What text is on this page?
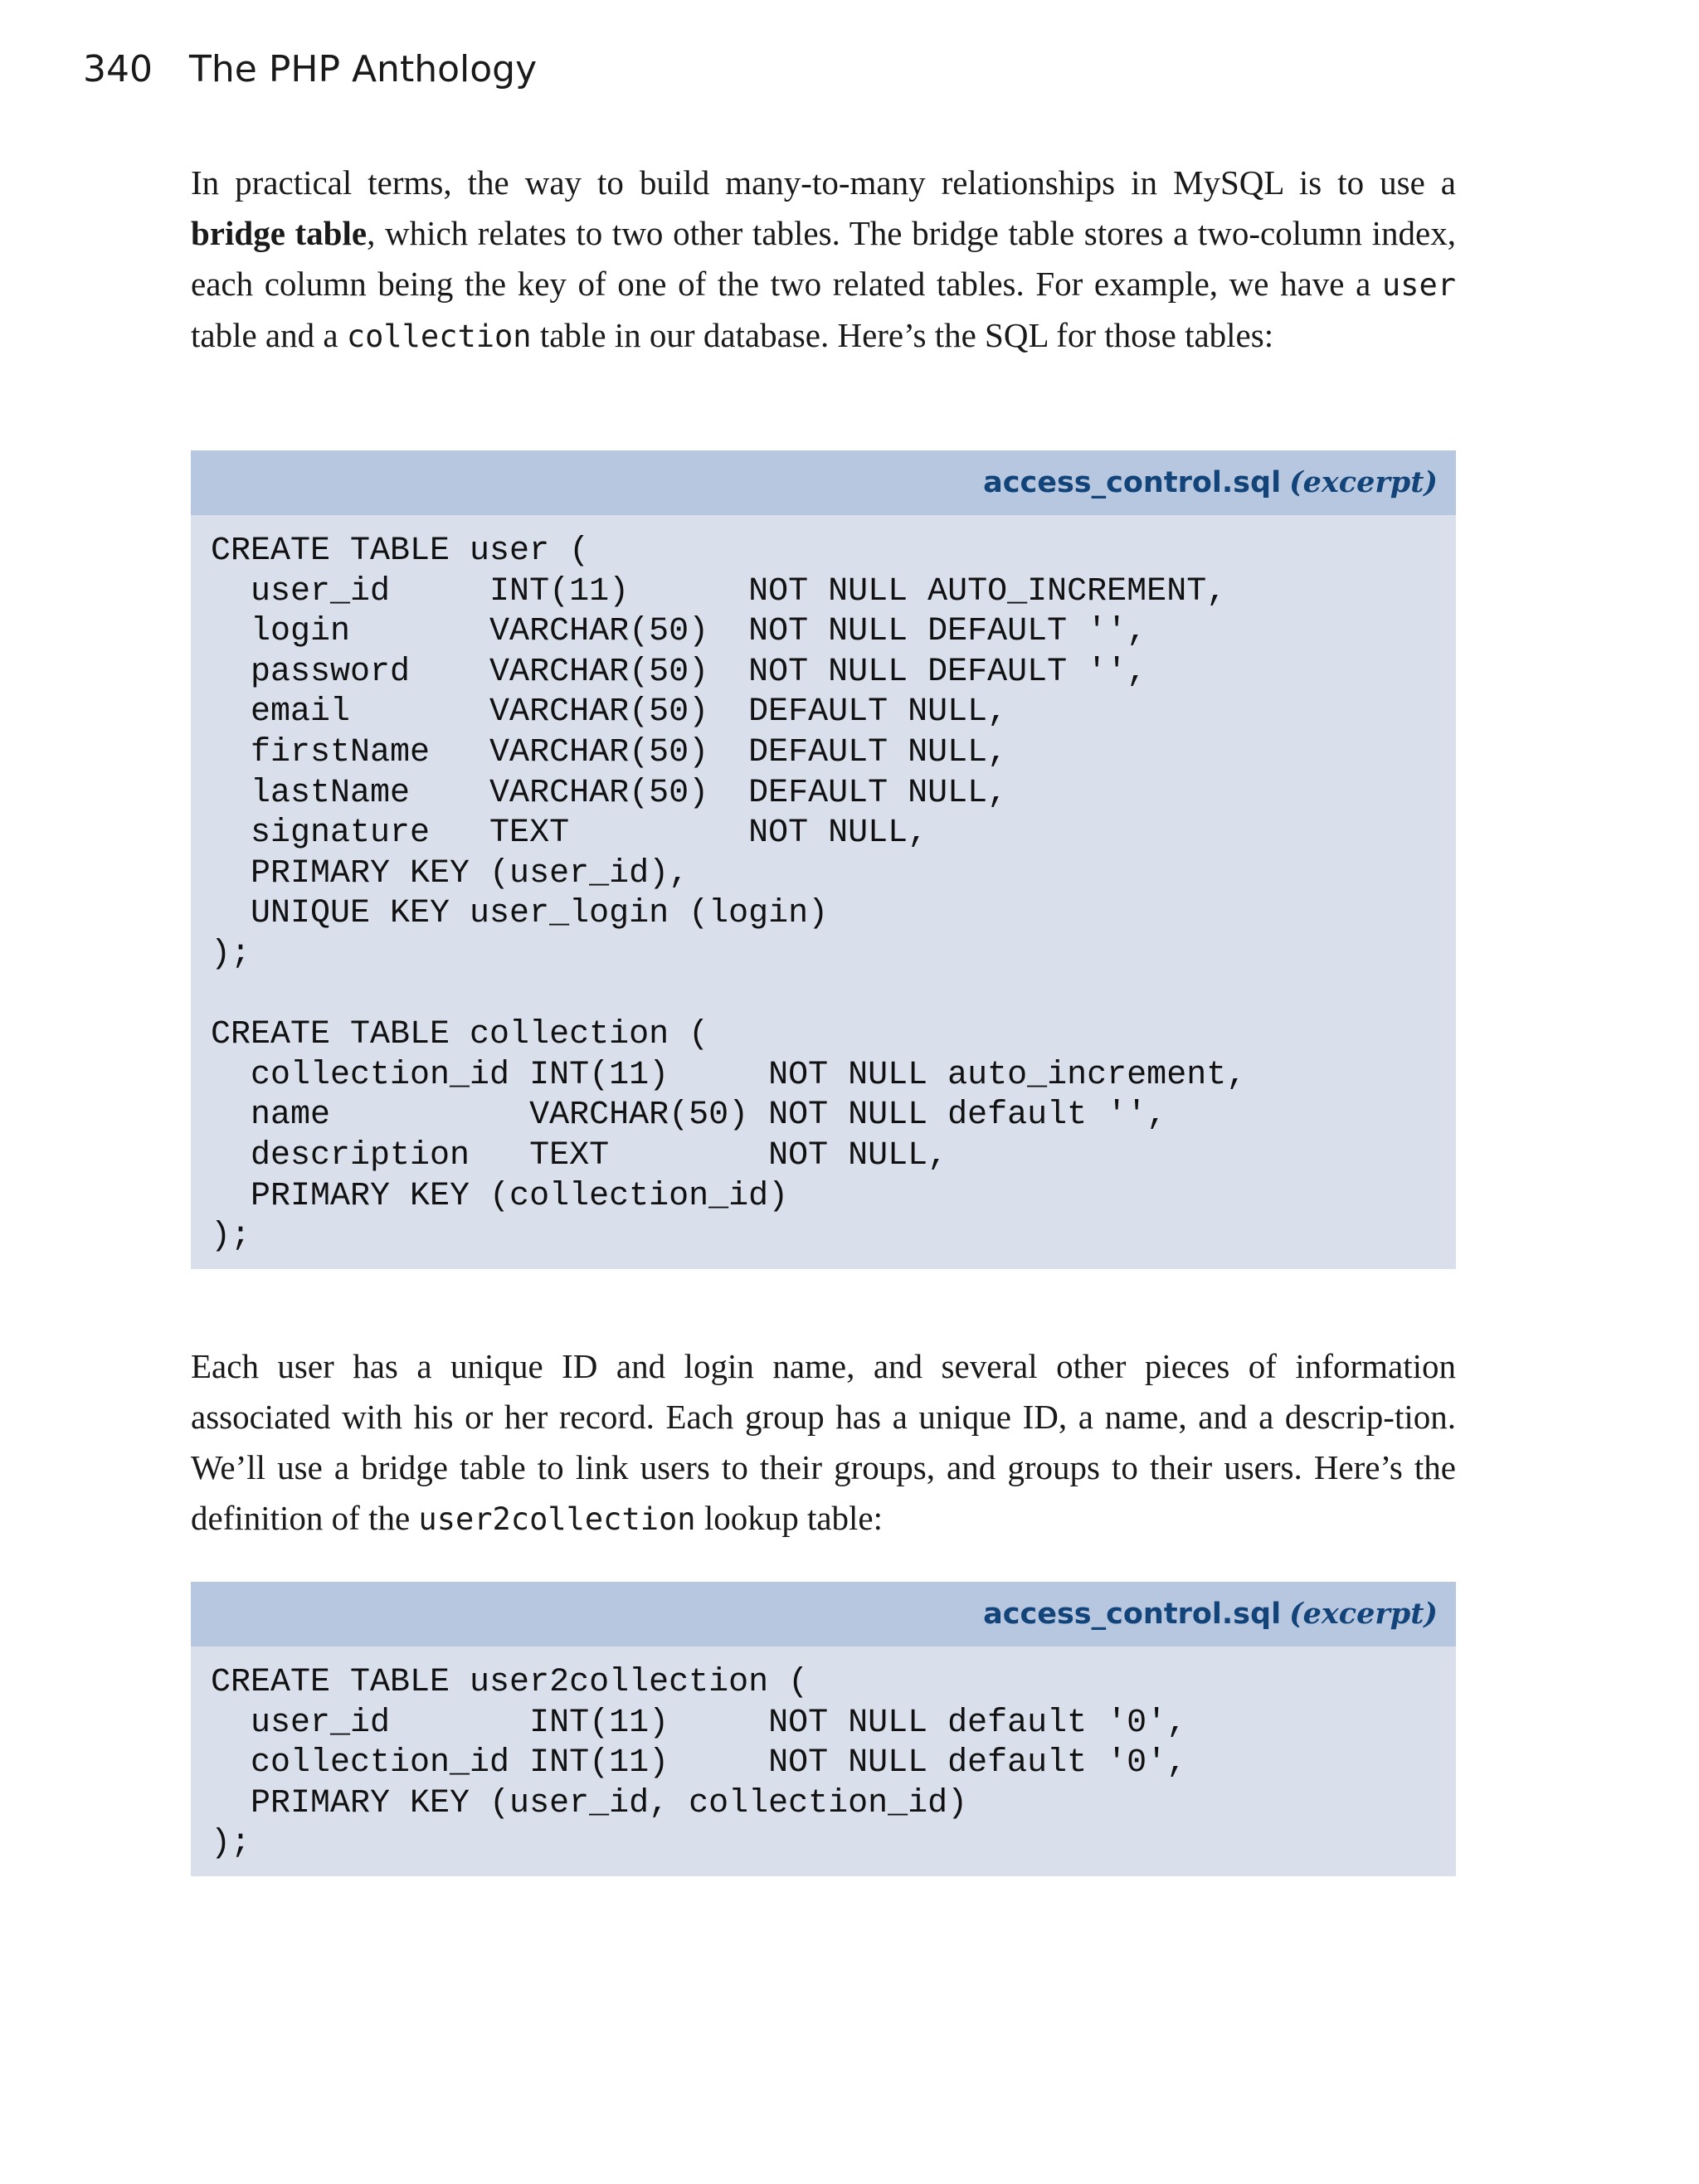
340 The PHP Anthology

In practical terms, the way to build many-to-many relationships in MySQL is to use a bridge table, which relates to two other tables. The bridge table stores a two-column index, each column being the key of one of the two related tables. For example, we have a user table and a collection table in our database. Here’s the SQL for those tables:

access_control.sql (excerpt)
CREATE TABLE user (
user_id     INT(11)      NOT NULL AUTO_INCREMENT,
login       VARCHAR(50)  NOT NULL DEFAULT '',
password    VARCHAR(50)  NOT NULL DEFAULT '',
email       VARCHAR(50)  DEFAULT NULL,
firstName   VARCHAR(50)  DEFAULT NULL,
lastName    VARCHAR(50)  DEFAULT NULL,
signature   TEXT         NOT NULL,
PRIMARY KEY (user_id),
UNIQUE KEY user_login (login)
);
CREATE TABLE collection (
collection_id INT(11)     NOT NULL auto_increment,
name          VARCHAR(50) NOT NULL default '',
description   TEXT        NOT NULL,
PRIMARY KEY (collection_id)
);

Each user has a unique ID and login name, and several other pieces of information associated with his or her record. Each group has a unique ID, a name, and a descrip-tion. We’ll use a bridge table to link users to their groups, and groups to their users. Here’s the definition of the user2collection lookup table:

access_control.sql (excerpt)
CREATE TABLE user2collection (
user_id       INT(11)     NOT NULL default '0',
collection_id INT(11)     NOT NULL default '0',
PRIMARY KEY (user_id, collection_id)
);
